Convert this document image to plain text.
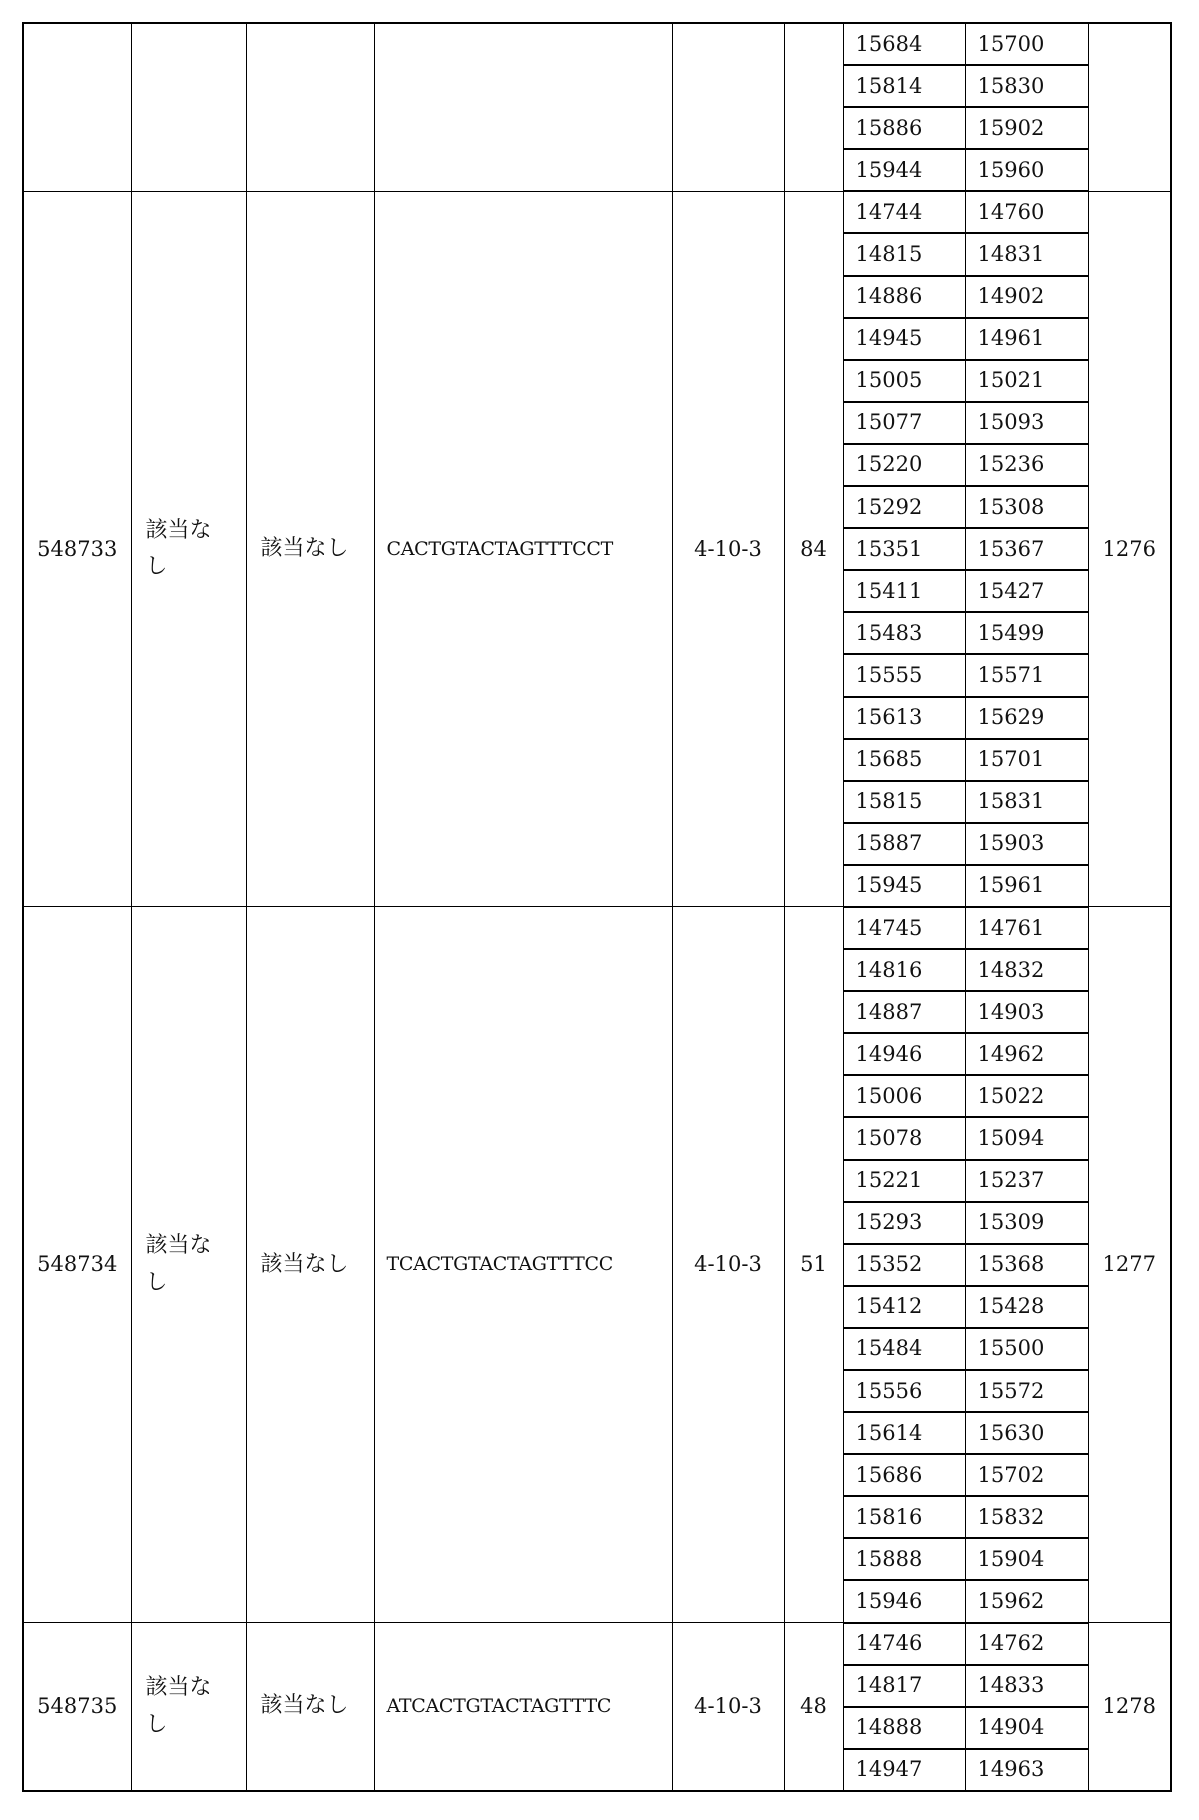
						15684	15700	
						15814	15830	
						15886	15902	
						15944	15960	
548733	該当なし	該当なし	CACTGTACTAGTTTCCT	4-10-3	84	14744	14760	1276
						14815	14831	
						14886	14902	
						14945	14961	
						15005	15021	
						15077	15093	
						15220	15236	
						15292	15308	
						15351	15367	
						15411	15427	
						15483	15499	
						15555	15571	
						15613	15629	
						15685	15701	
						15815	15831	
						15887	15903	
						15945	15961	
548734	該当なし	該当なし	TCACTGTACTAGTTTCC	4-10-3	51	14745	14761	1277
						14816	14832	
						14887	14903	
						14946	14962	
						15006	15022	
						15078	15094	
						15221	15237	
						15293	15309	
						15352	15368	
						15412	15428	
						15484	15500	
						15556	15572	
						15614	15630	
						15686	15702	
						15816	15832	
						15888	15904	
						15946	15962	
548735	該当なし	該当なし	ATCACTGTACTAGTTTC	4-10-3	48	14746	14762	1278
						14817	14833	
						14888	14904	
						14947	14963	
